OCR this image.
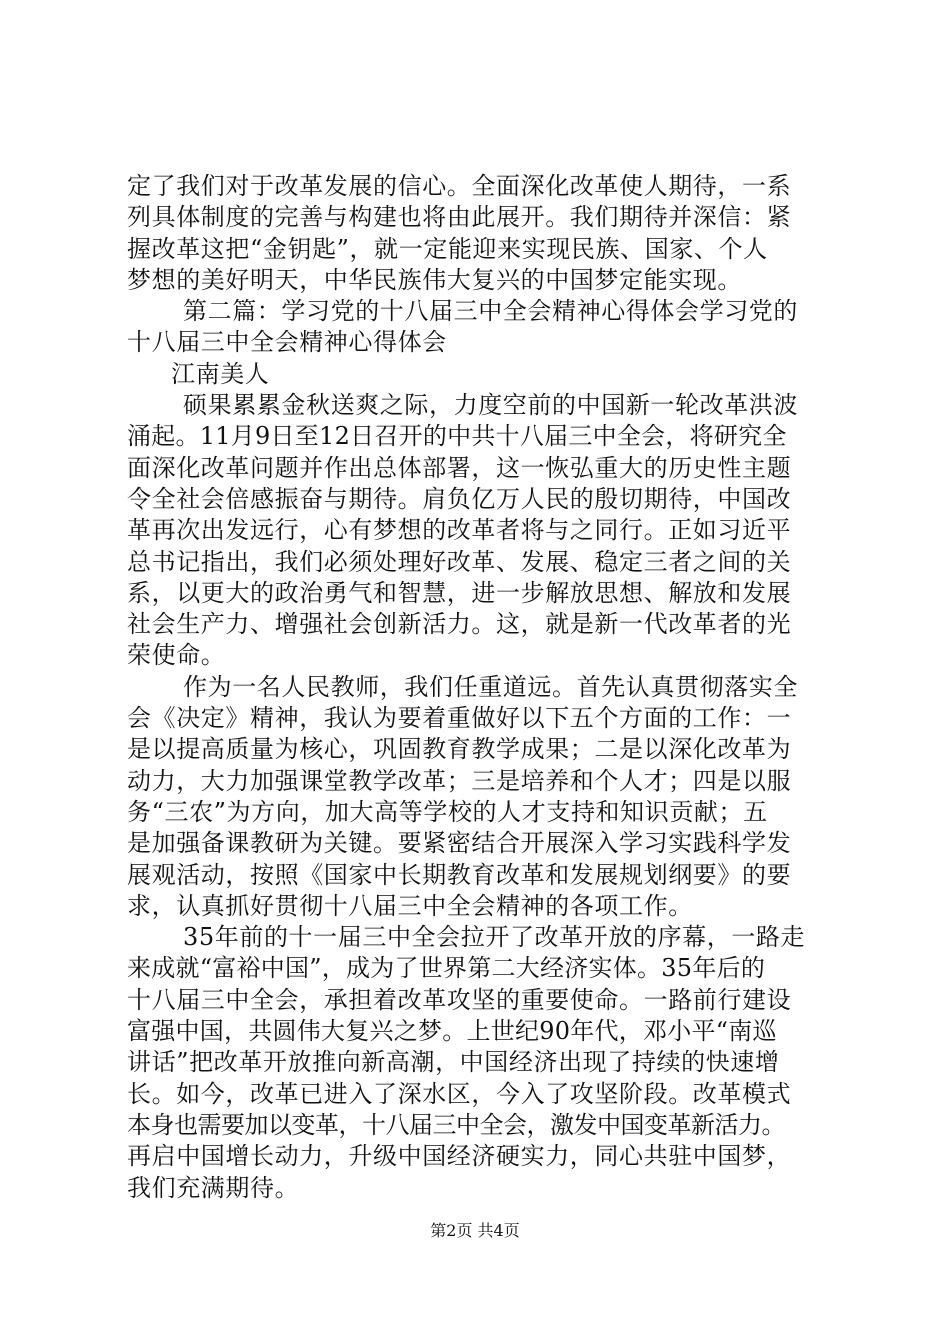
定了我们对于改革发展的信心。全面深化改革使人期待，一系
列具体制度的完善与构建也将由此展开。我们期待并深信：紧
握改革这把“金钥匙”，就一定能迎来实现民族、国家、个人
梦想的美好明天，中华民族伟大复兴的中国梦定能实现。
第二篇：学习党的十八届三中全会精神心得体会学习党的
十八届三中全会精神心得体会
江南美人
硕果累累金秋送爽之际，力度空前的中国新一轮改革洪波
涌起。11月9日至12日召开的中共十八届三中全会，将研究全
面深化改革问题并作出总体部署，这一恢弘重大的历史性主题
令全社会倍感振奋与期待。肩负亿万人民的殷切期待，中国改
革再次出发远行，心有梦想的改革者将与之同行。正如习近平
总书记指出，我们必须处理好改革、发展、稳定三者之间的关
系，以更大的政治勇气和智慧，进一步解放思想、解放和发展
社会生产力、增强社会创新活力。这，就是新一代改革者的光
荣使命。
作为一名人民教师，我们任重道远。首先认真贯彻落实全
会《决定》精神，我认为要着重做好以下五个方面的工作：一
是以提高质量为核心，巩固教育教学成果；二是以深化改革为
动力，大力加强课堂教学改革；三是培养和个人才；四是以服
务“三农”为方向，加大高等学校的人才支持和知识贡献；五
是加强备课教研为关键。要紧密结合开展深入学习实践科学发
展观活动，按照《国家中长期教育改革和发展规划纲要》的要
求，认真抓好贯彻十八届三中全会精神的各项工作。
35年前的十一届三中全会拉开了改革开放的序幕，一路走
来成就“富裕中国”，成为了世界第二大经济实体。35年后的
十八届三中全会，承担着改革攻坚的重要使命。一路前行建设
富强中国，共圆伟大复兴之梦。上世纪90年代，邓小平“南巡
讲话”把改革开放推向新高潮，中国经济出现了持续的快速增
长。如今，改革已进入了深水区，今入了攻坚阶段。改革模式
本身也需要加以变革，十八届三中全会，激发中国变革新活力。
再启中国增长动力，升级中国经济硬实力，同心共驻中国梦，
我们充满期待。
第2页 共4页
